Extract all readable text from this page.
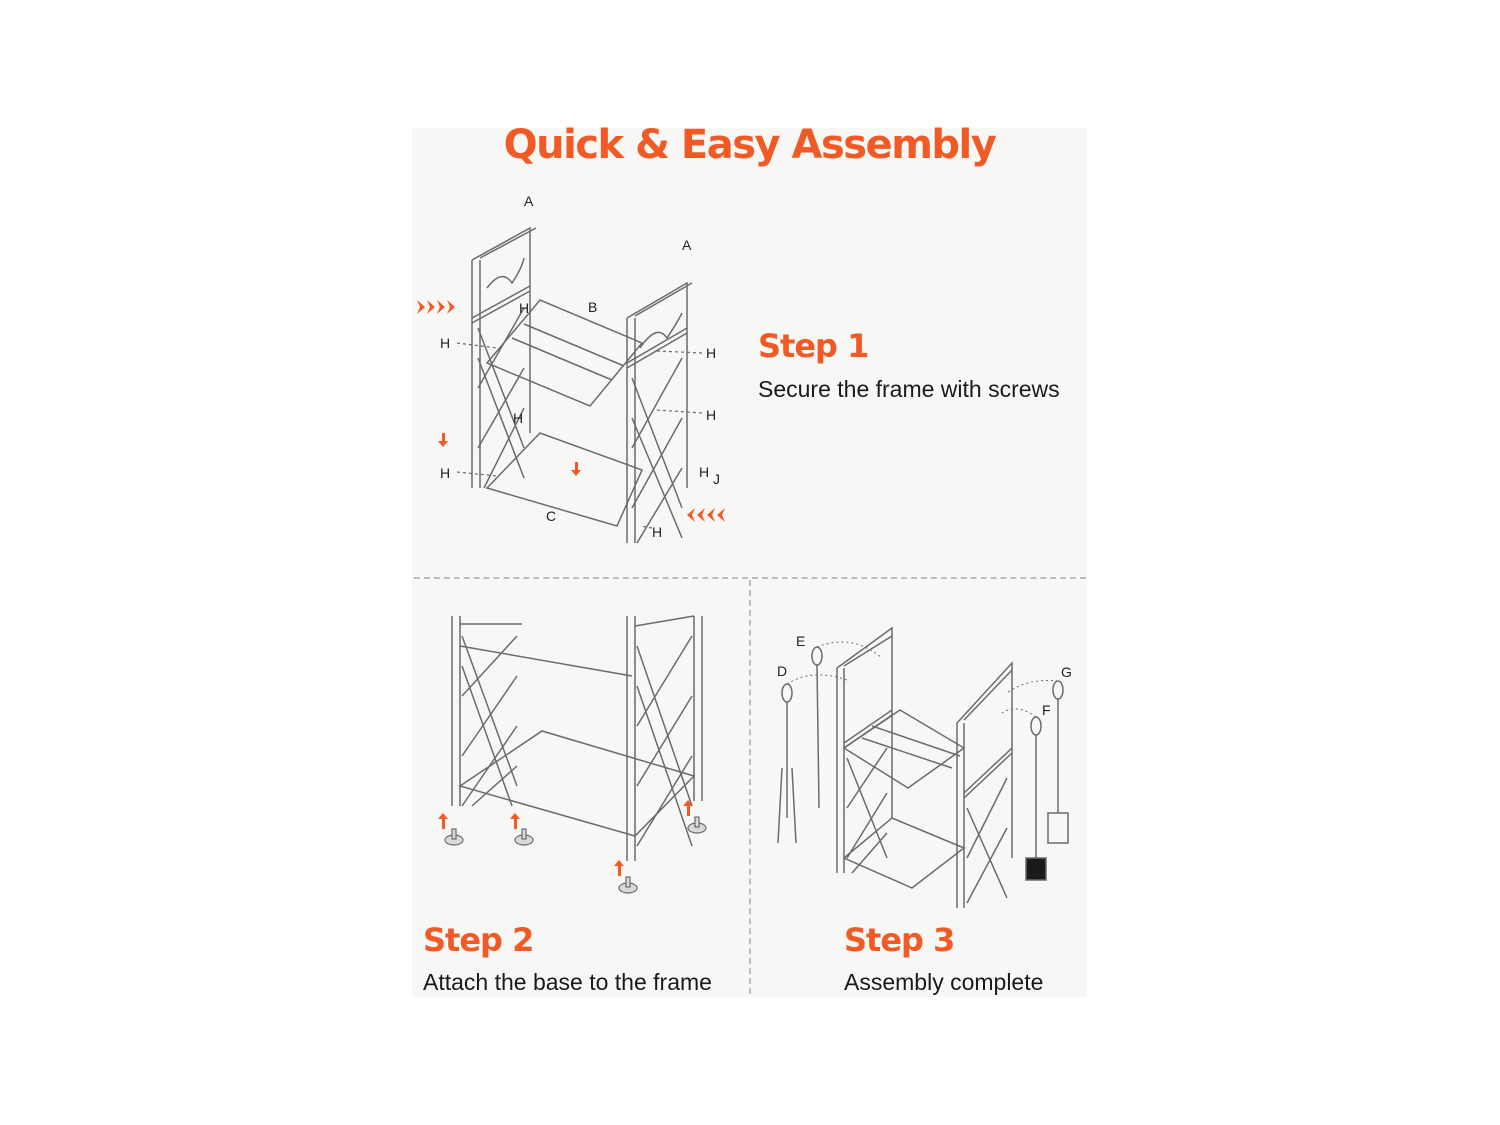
Quick & Easy Assembly
A
A
B
C
H
H
H
H
H
H	H
H
J
Step 1

Secure the frame with screws

Step 2

Attach the base to the frame

D
E
F
G
Step 3

Assembly complete
